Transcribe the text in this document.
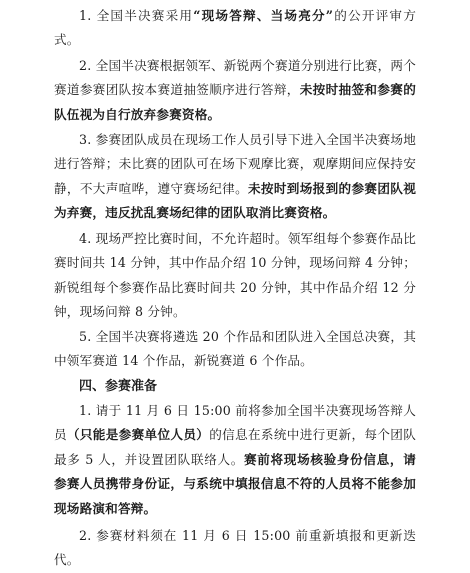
1. 全国半决赛采用“现场答辩、当场亮分”的公开评审方式。

2. 全国半决赛根据领军、新锐两个赛道分别进行比赛，两个赛道参赛团队按本赛道抽签顺序进行答辩，未按时抽签和参赛的队伍视为自行放弃参赛资格。

3. 参赛团队成员在现场工作人员引导下进入全国半决赛场地进行答辩；未比赛的团队可在场下观摩比赛，观摩期间应保持安静，不大声喧哗，遵守赛场纪律。未按时到场报到的参赛团队视为弃赛，违反扰乱赛场纪律的团队取消比赛资格。

4. 现场严控比赛时间，不允许超时。领军组每个参赛作品比赛时间共 14 分钟，其中作品介绍 10 分钟，现场问辩 4 分钟；新锐组每个参赛作品比赛时间共 20 分钟，其中作品介绍 12 分钟，现场问辩 8 分钟。

5. 全国半决赛将遴选 20 个作品和团队进入全国总决赛，其中领军赛道 14 个作品，新锐赛道 6 个作品。

四、参赛准备

1. 请于 11 月 6 日 15:00 前将参加全国半决赛现场答辩人员（只能是参赛单位人员）的信息在系统中进行更新，每个团队最多 5 人，并设置团队联络人。赛前将现场核验身份信息，请参赛人员携带身份证，与系统中填报信息不符的人员将不能参加现场路演和答辩。

2. 参赛材料须在 11 月 6 日 15:00 前重新填报和更新迭代。
